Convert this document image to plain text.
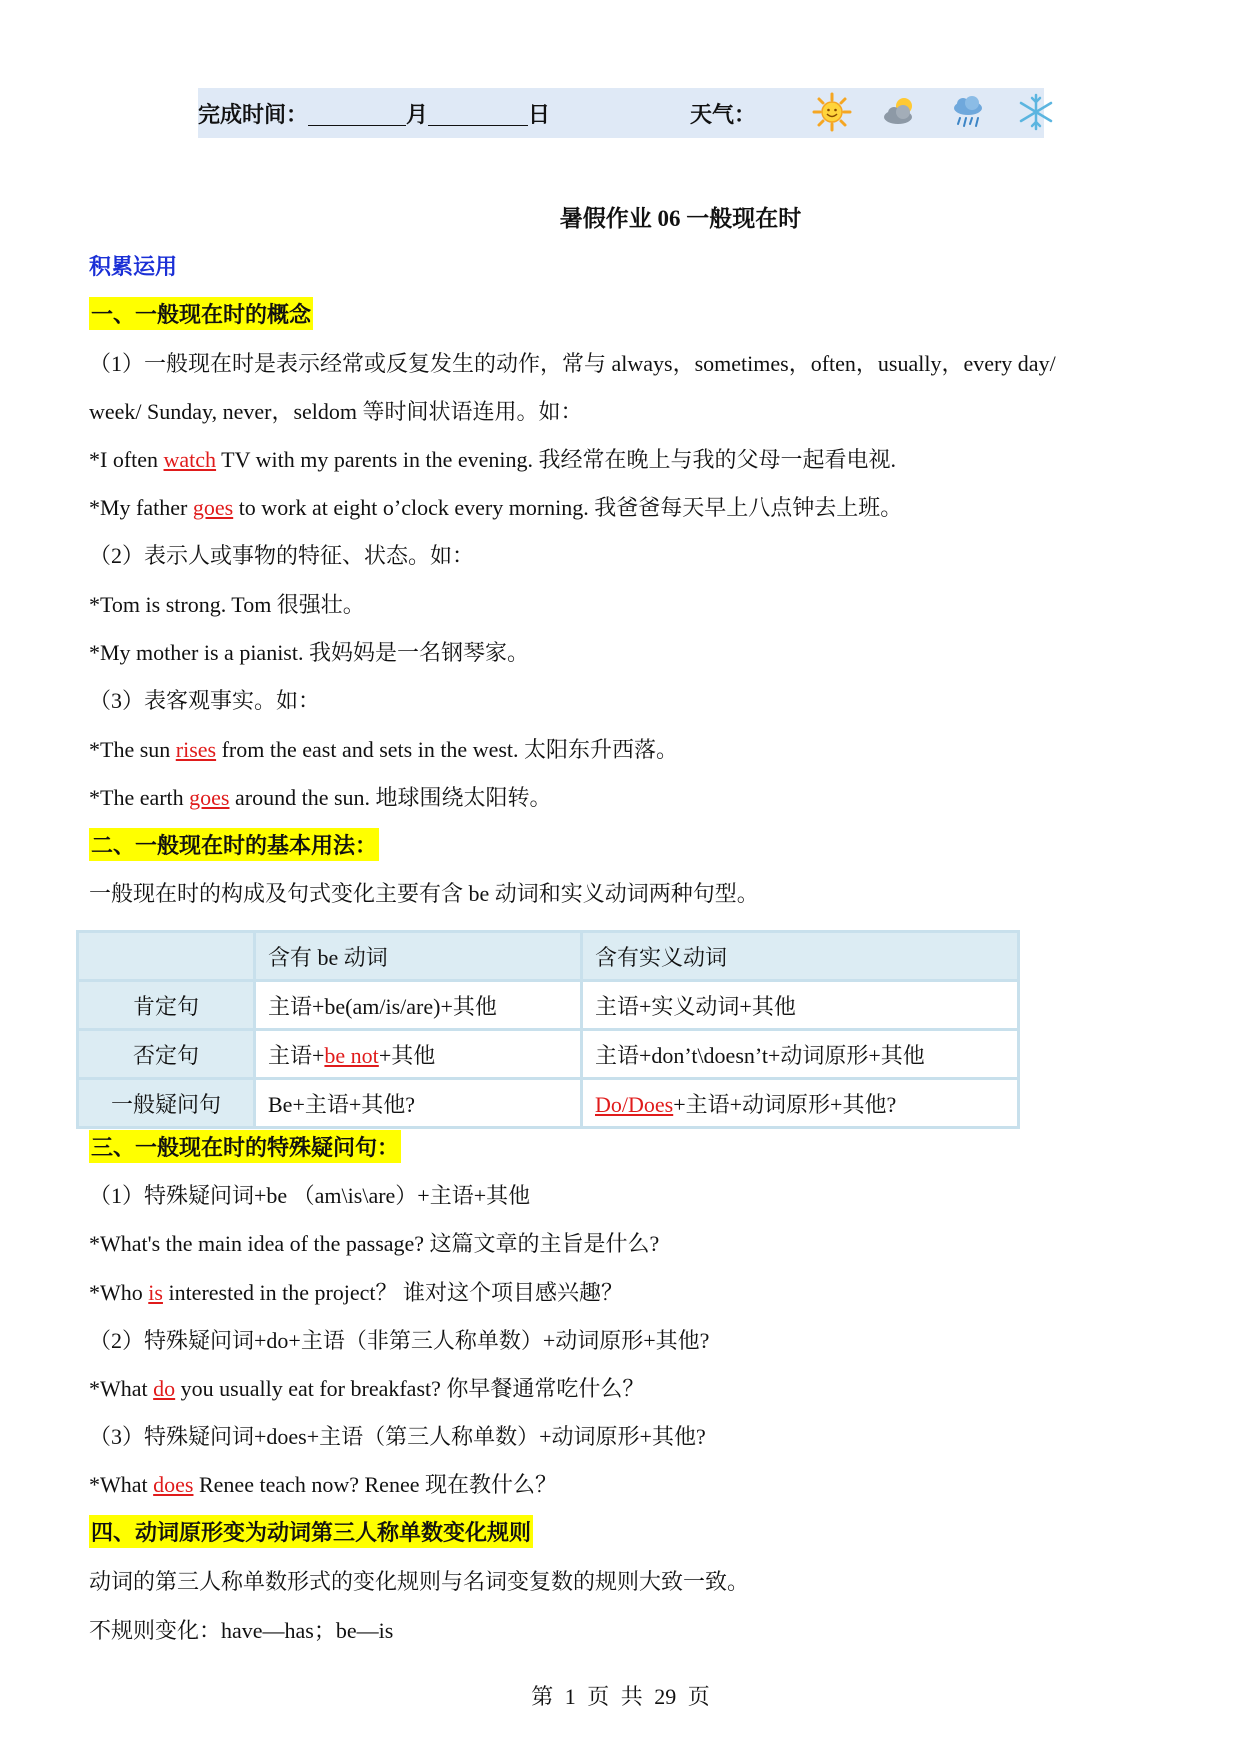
完成时间：	月	日	天气：
暑假作业 06 一般现在时
积累运用
一、一般现在时的概念
（1）一般现在时是表示经常或反复发生的动作，常与 always，sometimes，often，usually，every day/
week/ Sunday, never，seldom 等时间状语连用。如：
*I often watch TV with my parents in the evening. 我经常在晚上与我的父母一起看电视.
*My father goes to work at eight o’clock every morning. 我爸爸每天早上八点钟去上班。
（2）表示人或事物的特征、状态。如：
*Tom is strong. Tom 很强壮。
*My mother is a pianist. 我妈妈是一名钢琴家。
（3）表客观事实。如：
*The sun rises from the east and sets in the west. 太阳东升西落。
*The earth goes around the sun. 地球围绕太阳转。
二、一般现在时的基本用法：
一般现在时的构成及句式变化主要有含 be 动词和实义动词两种句型。
	含有 be 动词	含有实义动词
肯定句	主语+be(am/is/are)+其他	主语+实义动词+其他
否定句	主语+be not+其他	主语+don’t\doesn’t+动词原形+其他
一般疑问句	Be+主语+其他?	Do/Does+主语+动词原形+其他?
三、一般现在时的特殊疑问句：
（1）特殊疑问词+be （am\is\are）+主语+其他
*What's the main idea of the passage? 这篇文章的主旨是什么?
*Who is interested in the project？ 谁对这个项目感兴趣？
（2）特殊疑问词+do+主语（非第三人称单数）+动词原形+其他?
*What do you usually eat for breakfast? 你早餐通常吃什么？
（3）特殊疑问词+does+主语（第三人称单数）+动词原形+其他?
*What does Renee teach now? Renee 现在教什么？
四、动词原形变为动词第三人称单数变化规则
动词的第三人称单数形式的变化规则与名词变复数的规则大致一致。
不规则变化：have—has；be—is
第 1 页 共 29 页
